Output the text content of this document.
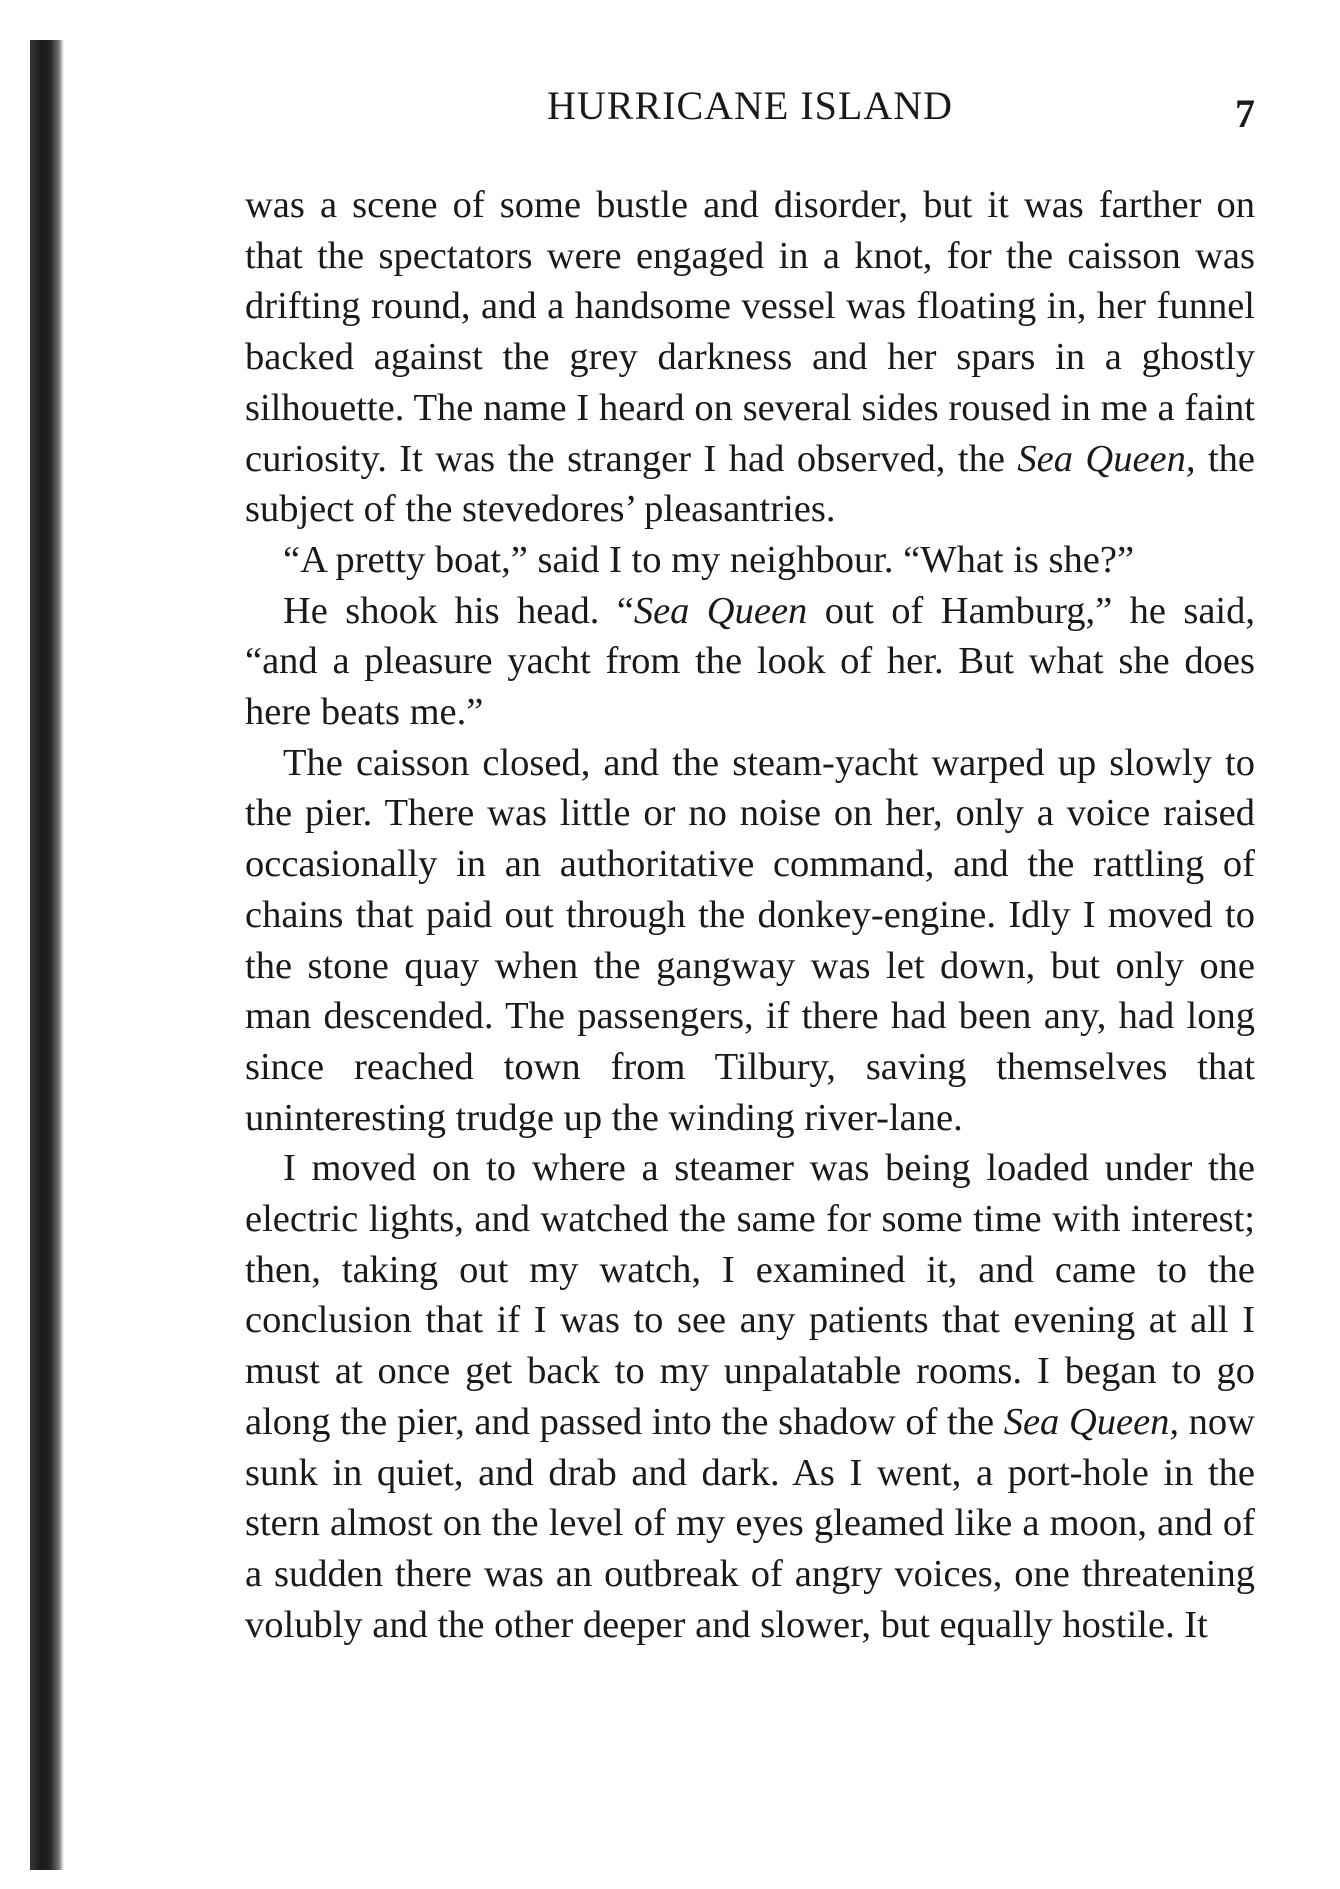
HURRICANE ISLAND	7

was a scene of some bustle and disorder, but it was farther on that the spectators were engaged in a knot, for the caisson was drifting round, and a handsome vessel was floating in, her funnel backed against the grey darkness and her spars in a ghostly silhouette. The name I heard on several sides roused in me a faint curiosity. It was the stranger I had observed, the Sea Queen, the subject of the stevedores’ pleasantries.

“A pretty boat,” said I to my neighbour. “What is she?”

He shook his head. “Sea Queen out of Hamburg,” he said, “and a pleasure yacht from the look of her. But what she does here beats me.”

The caisson closed, and the steam-yacht warped up slowly to the pier. There was little or no noise on her, only a voice raised occasionally in an authoritative command, and the rattling of chains that paid out through the donkey-engine. Idly I moved to the stone quay when the gangway was let down, but only one man descended. The passengers, if there had been any, had long since reached town from Tilbury, saving themselves that uninteresting trudge up the winding river-lane.

I moved on to where a steamer was being loaded under the electric lights, and watched the same for some time with interest; then, taking out my watch, I examined it, and came to the conclusion that if I was to see any patients that evening at all I must at once get back to my unpalatable rooms. I began to go along the pier, and passed into the shadow of the Sea Queen, now sunk in quiet, and drab and dark. As I went, a port-hole in the stern almost on the level of my eyes gleamed like a moon, and of a sudden there was an outbreak of angry voices, one threatening volubly and the other deeper and slower, but equally hostile. It
